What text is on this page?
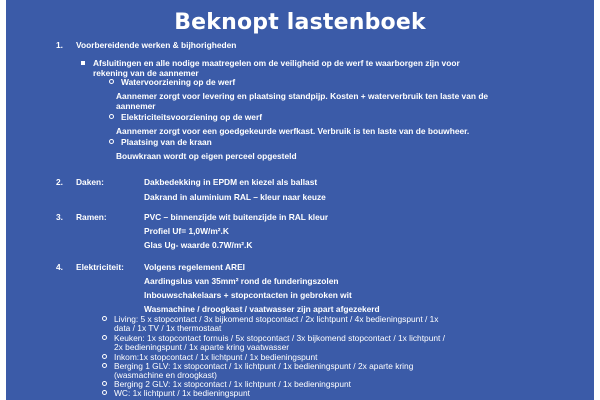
Beknopt lastenboek
1. Voorbereidende werken & bijhorigheden
Afsluitingen en alle nodige maatregelen om de veiligheid op de werf te waarborgen zijn voor
rekening van de aannemer
Watervoorziening op de werf
Aannemer zorgt voor levering en plaatsing standpijp. Kosten + waterverbruik ten laste van de
aannemer
Elektriciteitsvoorziening op de werf
Aannemer zorgt voor een goedgekeurde werfkast. Verbruik is ten laste van de bouwheer.
Plaatsing van de kraan
Bouwkraan wordt op eigen perceel opgesteld
2. Daken:	Dakbedekking in EPDM en kiezel als ballast
Dakrand in aluminium RAL – kleur naar keuze
3. Ramen:	PVC – binnenzijde wit buitenzijde in RAL kleur
Profiel Uf= 1,0W/m².K
Glas Ug- waarde 0.7W/m².K
4. Elektriciteit: Volgens regelement AREI
Aardingslus van 35mm² rond de funderingszolen
Inbouwschakelaars + stopcontacten in gebroken wit
Wasmachine / droogkast / vaatwasser zijn apart afgezekerd
Living: 5 x stopcontact / 3x bijkomend stopcontact / 2x lichtpunt / 4x bedieningspunt / 1x
data / 1x TV / 1x thermostaat
Keuken: 1x stopcontact fornuis / 5x stopcontact / 3x bijkomend stopcontact / 1x lichtpunt /
2x bedieningspunt / 1x aparte kring vaatwasser
Inkom:1x stopcontact / 1x lichtpunt / 1x bedieningspunt
Berging 1 GLV: 1x stopcontact / 1x lichtpunt / 1x bedieningspunt / 2x aparte kring
(wasmachine en droogkast)
Berging 2 GLV: 1x stopcontact / 1x lichtpunt / 1x bedieningspunt
WC: 1x lichtpunt / 1x bedieningspunt
